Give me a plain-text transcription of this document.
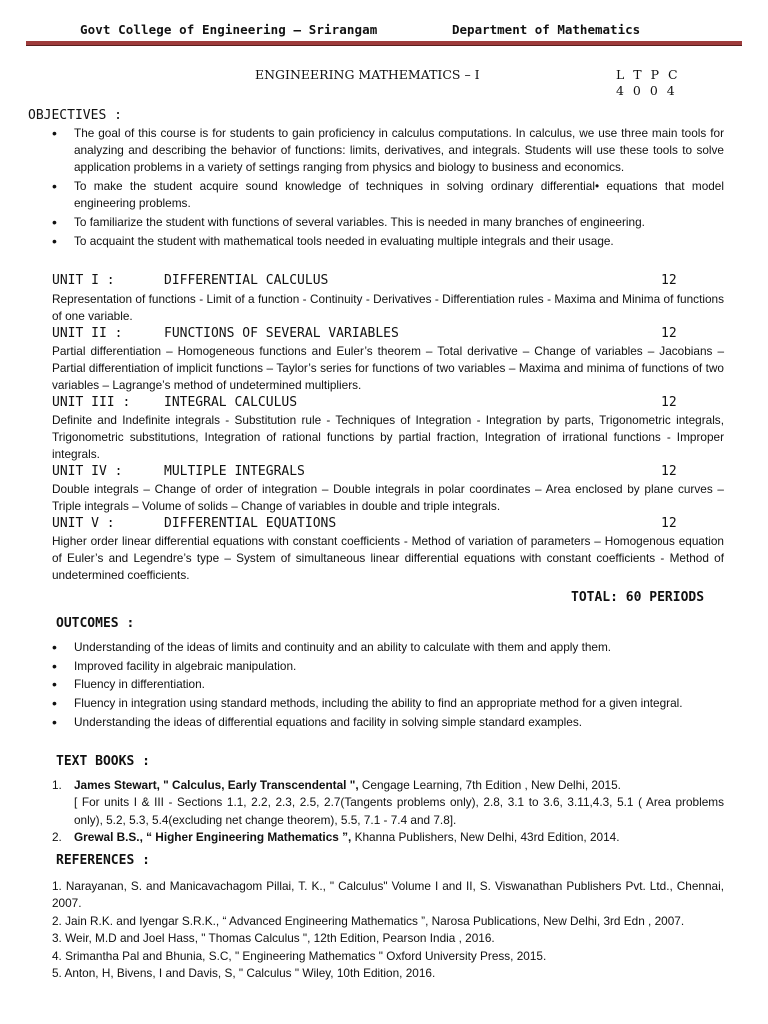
Govt College of Engineering – Srirangam	Department of Mathematics
ENGINEERING MATHEMATICS – I	L T P C
4 0 0 4
OBJECTIVES :
• The goal of this course is for students to gain proficiency in calculus computations. In calculus, we use three main tools for analyzing and describing the behavior of functions: limits, derivatives, and integrals. Students will use these tools to solve application problems in a variety of settings ranging from physics and biology to business and economics.
• To make the student acquire sound knowledge of techniques in solving ordinary differential• equations that model engineering problems.
• To familiarize the student with functions of several variables. This is needed in many branches of engineering.
• To acquaint the student with mathematical tools needed in evaluating multiple integrals and their usage.
UNIT I :	DIFFERENTIAL CALCULUS	12
Representation of functions - Limit of a function - Continuity - Derivatives - Differentiation rules - Maxima and Minima of functions of one variable.
UNIT II :	FUNCTIONS OF SEVERAL VARIABLES	12
Partial differentiation – Homogeneous functions and Euler’s theorem – Total derivative – Change of variables – Jacobians – Partial differentiation of implicit functions – Taylor’s series for functions of two variables – Maxima and minima of functions of two variables – Lagrange’s method of undetermined multipliers.
UNIT III :	INTEGRAL CALCULUS	12
Definite and Indefinite integrals - Substitution rule - Techniques of Integration - Integration by parts, Trigonometric integrals, Trigonometric substitutions, Integration of rational functions by partial fraction, Integration of irrational functions - Improper integrals.
UNIT IV :	MULTIPLE INTEGRALS	12
Double integrals – Change of order of integration – Double integrals in polar coordinates – Area enclosed by plane curves – Triple integrals – Volume of solids – Change of variables in double and triple integrals.
UNIT V :	DIFFERENTIAL EQUATIONS	12
Higher order linear differential equations with constant coefficients - Method of variation of parameters – Homogenous equation of Euler’s and Legendre’s type – System of simultaneous linear differential equations with constant coefficients - Method of undetermined coefficients.
TOTAL: 60 PERIODS
OUTCOMES :
• Understanding of the ideas of limits and continuity and an ability to calculate with them and apply them.
• Improved facility in algebraic manipulation.
• Fluency in differentiation.
• Fluency in integration using standard methods, including the ability to find an appropriate method for a given integral.
• Understanding the ideas of differential equations and facility in solving simple standard examples.
TEXT BOOKS :
1. James Stewart, " Calculus, Early Transcendental ", Cengage Learning, 7th Edition , New Delhi, 2015.
[ For units I & III - Sections 1.1, 2.2, 2.3, 2.5, 2.7(Tangents problems only), 2.8, 3.1 to 3.6, 3.11,4.3, 5.1 ( Area problems only), 5.2, 5.3, 5.4(excluding net change theorem), 5.5, 7.1 - 7.4 and 7.8].
2. Grewal B.S., “ Higher Engineering Mathematics ”, Khanna Publishers, New Delhi, 43rd Edition, 2014.
REFERENCES :
1. Narayanan, S. and Manicavachagom Pillai, T. K., " Calculus" Volume I and II, S. Viswanathan Publishers Pvt. Ltd., Chennai, 2007.
2. Jain R.K. and Iyengar S.R.K., “ Advanced Engineering Mathematics ”, Narosa Publications, New Delhi, 3rd Edn , 2007.
3. Weir, M.D and Joel Hass, " Thomas Calculus ", 12th Edition, Pearson India , 2016.
4. Srimantha Pal and Bhunia, S.C, " Engineering Mathematics " Oxford University Press, 2015.
5. Anton, H, Bivens, I and Davis, S, " Calculus " Wiley, 10th Edition, 2016.
